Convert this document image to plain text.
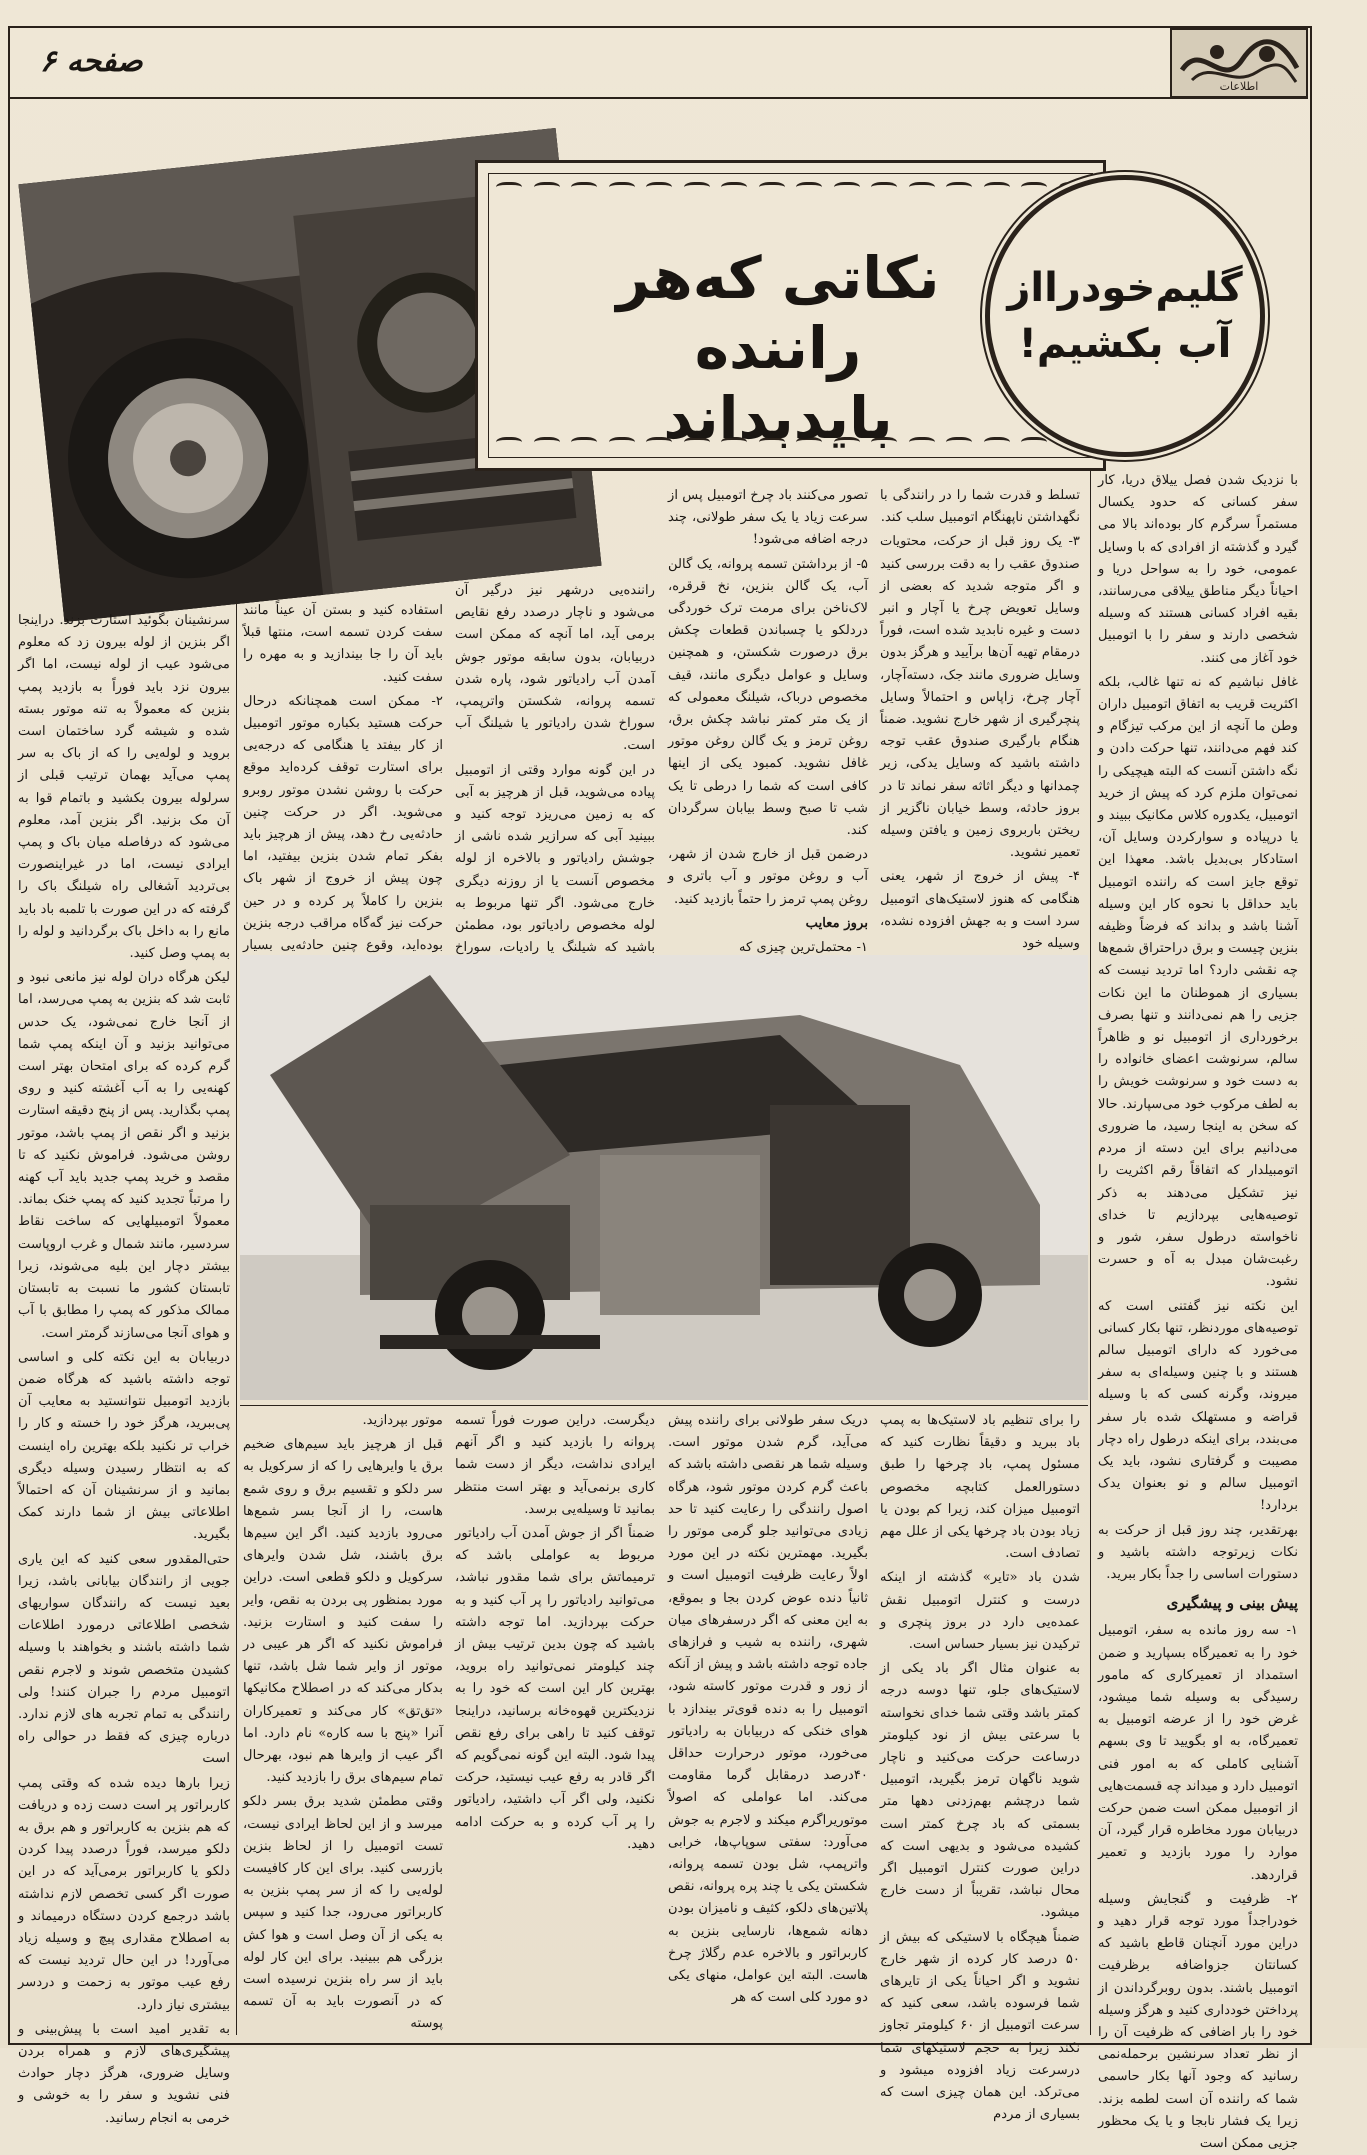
اطلاعات
صفحه ۶
نکاتی که‌هر راننده
بایدبداند
گلیم‌خودرااز
آب بکشیم!

با نزدیک شدن فصل ییلاق دریا، کار سفر کسانی که حدود یکسال مستمراً سرگرم کار بوده‌اند بالا می گیرد و گذشته از افرادی که با وسایل عمومی، خود را به سواحل دریا و احیاناً دیگر مناطق ییلاقی می‌رسانند، بقیه افراد کسانی هستند که وسیله شخصی دارند و سفر را با اتومبیل خود آغاز می کنند.

غافل نباشیم که نه تنها غالب، بلکه اکثریت قریب به اتفاق اتومبیل داران وطن ما آنچه از این مرکب تیزگام و کند فهم می‌دانند، تنها حرکت دادن و نگه داشتن آنست که البته هیچیکی را نمی‌توان ملزم کرد که پیش از خرید اتومبیل، یکدوره کلاس مکانیک ببیند و یا درپیاده و سوارکردن وسایل آن، استادکار بی‌بدیل باشد. معهذا این توقع جایز است که راننده اتومبیل باید حداقل با نحوه کار این وسیله آشنا باشد و بداند که فرضاً وظیفه بنزین چیست و برق دراحتراق شمع‌ها چه نقشی دارد؟ اما تردید نیست که بسیاری از هموطنان ما این نکات جزیی را هم نمی‌دانند و تنها بصرف برخورداری از اتومبیل نو و ظاهراً سالم، سرنوشت اعضای خانواده را به دست خود و سرنوشت خویش را به لطف مرکوب خود می‌سپارند. حالا که سخن به اینجا رسید، ما ضروری می‌دانیم برای این دسته از مردم اتومبیلدار که اتفاقاً رقم اکثریت را نیز تشکیل می‌دهند به ذکر توصیه‌هایی بپردازیم تا خدای ناخواسته درطول سفر، شور و رغبت‌شان مبدل به آه و حسرت نشود.

این نکته نیز گفتنی است که توصیه‌های موردنظر، تنها بکار کسانی می‌خورد که دارای اتومبیل سالم هستند و با چنین وسیله‌ای به سفر میروند، وگرنه کسی که با وسیله قراضه و مستهلک شده بار سفر می‌بندد، برای اینکه درطول راه دچار مصیبت و گرفتاری نشود، باید یک اتومبیل سالم و نو بعنوان یدک بردارد!

بهرتقدیر، چند روز قبل از حرکت به نکات زیرتوجه داشته باشید و دستورات اساسی را جداً بکار ببرید.

پیش بینی و پیشگیری

۱- سه روز مانده به سفر، اتومبیل خود را به تعمیرگاه بسپارید و ضمن استمداد از تعمیرکاری که مامور رسیدگی به وسیله شما میشود، غرض خود را از عرضه اتومبیل به تعمیرگاه، به او بگویید تا وی بسهم آشنایی کاملی که به امور فنی اتومبیل دارد و میداند چه قسمت‌هایی از اتومبیل ممکن است ضمن حرکت دربیابان مورد مخاطره قرار گیرد، آن موارد را مورد بازدید و تعمیر قراردهد.

۲- ظرفیت و گنجایش وسیله خودراجداً مورد توجه قرار دهید و دراین مورد آنچنان قاطع باشید که کسانتان جزواضافه برظرفیت اتومبیل باشند. بدون روبرگرداندن از پرداختن خودداری کنید و هرگز وسیله خود را بار اضافی که ظرفیت آن را از نظر تعداد سرنشین برحمله‌نمی رسانید که وجود آنها بکار حاسمی شما که راننده آن است لطمه بزند. زیرا یک فشار نابجا و یا یک محظور جزیی ممکن است

تسلط و قدرت شما را در رانندگی با نگهداشتن ناپهنگام اتومبیل سلب کند.

۳- یک روز قبل از حرکت، محتویات صندوق عقب را به دقت بررسی کنید و اگر متوجه شدید که بعضی از وسایل تعویض چرخ یا آچار و انبر دست و غیره نابدید شده است، فوراً درمقام تهیه آن‌ها برآیید و هرگز بدون وسایل ضروری مانند جک، دسته‌آچار، آچار چرخ، زاپاس و احتمالاً وسایل پنچرگیری از شهر خارج نشوید. ضمناً هنگام بارگیری صندوق عقب توجه داشته باشید که وسایل یدکی، زیر چمدانها و دیگر اثاثه سفر نماند تا در بروز حادثه، وسط خیابان ناگزیر از ریختن باربروی زمین و یافتن وسیله تعمیر نشوید.

۴- پیش از خروج از شهر، یعنی هنگامی که هنوز لاستیک‌های اتومبیل سرد است و به جهش افزوده نشده، وسیله خود

تصور می‌کنند باد چرخ اتومبیل پس از سرعت زیاد یا یک سفر طولانی، چند درجه اضافه می‌شود!

۵- از برداشتن تسمه پروانه، یک گالن آب، یک گالن بنزین، نخ قرقره، لاک‌ناخن برای مرمت ترک خوردگی دردلکو یا چسباندن قطعات چکش برق درصورت شکستن، و همچنین وسایل و عوامل دیگری مانند، قیف مخصوص درباک، شیلنگ معمولی که از یک متر کمتر نباشد چکش برق، روغن ترمز و یک گالن روغن موتور غافل نشوید. کمبود یکی از اینها کافی است که شما را درطی تا یک شب تا صبح وسط بیابان سرگردان کند.

درضمن قبل از خارج شدن از شهر، آب و روغن موتور و آب باتری و روغن پمپ ترمز را حتماً بازدید کنید.

بروز معایب

۱- محتمل‌ترین چیزی که

راننده‌یی درشهر نیز درگیر آن می‌شود و ناچار درصدد رفع نقایص برمی آید، اما آنچه که ممکن است دربیابان، بدون سابقه موتور جوش آمدن آب رادیاتور شود، پاره شدن تسمه پروانه، شکستن واترپمپ، سوراخ شدن رادیاتور یا شیلنگ آب است.

در این گونه موارد وقتی از اتومبیل پیاده می‌شوید، قبل از هرچیز به آبی که به زمین می‌ریزد توجه کنید و ببینید آبی که سرازیر شده ناشی از جوشش رادیاتور و بالاخره از لوله مخصوص آنست یا از روزنه دیگری خارج می‌شود. اگر تنها مربوط به لوله مخصوص رادیاتور بود، مطمئن باشید که شیلنگ یا رادیات، سوراخ

استفاده کنید و بستن آن عیناً مانند سفت کردن تسمه است، منتها قبلاً باید آن را جا بیندازید و به مهره را سفت کنید.

۲- ممکن است همچنانکه درحال حرکت هستید بکباره موتور اتومبیل از کار بیفتد یا هنگامی که درجه‌یی برای استارت توقف کرده‌اید موقع حرکت با روشن نشدن موتور روبرو می‌شوید. اگر در حرکت چنین حادثه‌یی رخ دهد، پیش از هرچیز باید بفکر تمام شدن بنزین بیفتید، اما چون پیش از خروج از شهر باک بنزین را کاملاً پر کرده و در حین حرکت نیز گه‌گاه مراقب درجه بنزین بوده‌اید، وقوع چنین حادثه‌یی بسیار

سرنشینان بگوئید استارت بزند. دراینجا اگر بنزین از لوله بیرون زد که معلوم می‌شود عیب از لوله نیست، اما اگر بیرون نزد باید فوراً به بازدید پمپ بنزین که معمولاً به تنه موتور بسته شده و شیشه گرد ساختمان است بروید و لوله‌یی را که از باک به سر پمپ می‌آید بهمان ترتیب قبلی از سرلوله بیرون بکشید و باتمام قوا به آن مک بزنید. اگر بنزین آمد، معلوم می‌شود که درفاصله میان باک و پمپ ایرادی نیست، اما در غیراینصورت بی‌تردید آشغالی راه شیلنگ باک را گرفته که در این صورت با تلمبه باد باید مانع را به داخل باک برگردانید و لوله را به پمپ وصل کنید.

لیکن هرگاه دران لوله نیز مانعی نبود و ثابت شد که بنزین به پمپ می‌رسد، اما از آنجا خارج نمی‌شود، یک حدس می‌توانید بزنید و آن اینکه پمپ شما گرم کرده که برای امتحان بهتر است کهنه‌یی را به آب آغشته کنید و روی پمپ بگذارید. پس از پنج دقیقه استارت بزنید و اگر نقص از پمپ باشد، موتور روشن می‌شود. فراموش نکنید که تا مقصد و خرید پمپ جدید باید آب کهنه را مرتباً تجدید کنید که پمپ خنک بماند. معمولاً اتومبیلهایی که ساخت نقاط سردسیر، مانند شمال و غرب اروپاست بیشتر دچار این بلیه می‌شوند، زیرا تابستان کشور ما نسبت به تابستان ممالک مذکور که پمپ را مطابق با آب و هوای آنجا می‌سازند گرمتر است.

دربیابان به این نکته کلی و اساسی توجه داشته باشید که هرگاه ضمن بازدید اتومبیل نتوانستید به معایب آن پی‌ببرید، هرگز خود را خسته و کار را خراب تر نکنید بلکه بهترین راه اینست که به انتظار رسیدن وسیله دیگری بمانید و از سرنشینان آن که احتمالاً اطلاعاتی بیش از شما دارند کمک بگیرید.

حتی‌المقدور سعی کنید که این یاری جویی از رانندگان بیابانی باشد، زیرا بعید نیست که رانندگان سواریهای شخصی اطلاعاتی درمورد اطلاعات شما داشته باشند و بخواهند با وسیله کشیدن متخصص شوند و لاجرم نقص اتومبیل مردم را جبران کنند! ولی رانندگی به تمام تجربه های لازم ندارد. درباره چیزی که فقط در حوالی راه است

زیرا بارها دیده شده که وقتی پمپ کاربراتور پر است دست زده و دریافت که هم بنزین به کاربراتور و هم برق به دلکو میرسد، فوراً درصدد پیدا کردن دلکو یا کاربراتور برمی‌آید که در این صورت اگر کسی تخصص لازم نداشته باشد درجمع کردن دستگاه درمیماند و به اصطلاح مقداری پیچ و وسیله زیاد می‌آورد! در این حال تردید نیست که رفع عیب موتور به زحمت و دردسر بیشتری نیاز دارد.

به تقدیر امید است با پیش‌بینی و پیشگیری‌های لازم و همراه بردن وسایل ضروری، هرگز دچار حوادث فنی نشوید و سفر را به خوشی و خرمی به انجام رسانید.

را برای تنظیم باد لاستیک‌ها به پمپ باد ببرید و دقیقاً نظارت کنید که مسئول پمپ، باد چرخها را طبق دستورالعمل کتابچه مخصوص اتومبیل میزان کند، زیرا کم بودن یا زیاد بودن باد چرخها یکی از علل مهم تصادف است.

شدن باد «تایر» گذشته از اینکه درست و کنترل اتومبیل نقش عمده‌یی دارد در بروز پنچری و ترکیدن نیز بسیار حساس است.

به عنوان مثال اگر باد یکی از لاستیک‌های جلو، تنها دوسه درجه کمتر باشد وقتی شما خدای نخواسته با سرعتی بیش از نود کیلومتر درساعت حرکت می‌کنید و ناچار شوید ناگهان ترمز بگیرید، اتومبیل شما درچشم بهم‌زدنی دهها متر بسمتی که باد چرخ کمتر است کشیده می‌شود و بدیهی است که دراین صورت کنترل اتومبیل اگر محال نباشد، تقریباً از دست خارج میشود.

ضمناً هیچگاه با لاستیکی که بیش از ۵۰ درصد کار کرده از شهر خارج نشوید و اگر احیاناً یکی از تایرهای شما فرسوده باشد، سعی کنید که سرعت اتومبیل از ۶۰ کیلومتر تجاوز نکند زیرا به حجم لاستیکهای شما درسرعت زیاد افزوده میشود و می‌ترکد. این همان چیزی است که بسیاری از مردم

دریک سفر طولانی برای راننده پیش می‌آید، گرم شدن موتور است. وسیله شما هر نقصی داشته باشد که باعث گرم کردن موتور شود، هرگاه اصول رانندگی را رعایت کنید تا حد زیادی می‌توانید جلو گرمی موتور را بگیرید. مهمترین نکته در این مورد اولاً رعایت ظرفیت اتومبیل است و ثانیاً دنده عوض کردن بجا و بموقع، به این معنی که اگر درسفرهای میان شهری، راننده به شیب و فرازهای جاده توجه داشته باشد و پیش از آنکه از زور و قدرت موتور کاسته شود، اتومبیل را به دنده قوی‌تر بیندازد با هوای خنکی که دربیابان به رادیاتور می‌خورد، موتور درحرارت حداقل ۴۰درصد درمقابل گرما مقاومت می‌کند. اما عواملی که اصولاً موتوریراگرم میکند و لاجرم به جوش می‌آورد: سفتی سوپاپ‌ها، خرابی واترپمپ، شل بودن تسمه پروانه، شکستن یکی یا چند پره پروانه، نقص پلاتین‌های دلکو، کثیف و نامیزان بودن دهانه شمع‌ها، نارسایی بنزین به کاربراتور و بالاخره عدم رگلاژ چرخ هاست. البته این عوامل، منهای یکی دو مورد کلی است که هر

دیگرست. دراین صورت فوراً تسمه پروانه را بازدید کنید و اگر آنهم ایرادی نداشت، دیگر از دست شما کاری برنمی‌آید و بهتر است منتظر بمانید تا وسیله‌یی برسد.

ضمناً اگر از جوش آمدن آب رادیاتور مربوط به عواملی باشد که ترمیماتش برای شما مقدور نباشد، می‌توانید رادیاتور را پر آب کنید و به حرکت بپردازید. اما توجه داشته باشید که چون بدین ترتیب بیش از چند کیلومتر نمی‌توانید راه بروید، بهترین کار این است که خود را به نزدیکترین قهوه‌خانه برسانید، دراینجا توقف کنید تا راهی برای رفع نقص پیدا شود. البته این گونه نمی‌گویم که اگر قادر به رفع عیب نیستید، حرکت نکنید، ولی اگر آب داشتید، رادیاتور را پر آب کرده و به حرکت ادامه دهید.

موتور بپردازید.

قبل از هرچیز باید سیم‌های ضخیم برق یا وایرهایی را که از سرکویل به سر دلکو و تقسیم برق و روی شمع هاست، را از آنجا بسر شمع‌ها می‌رود بازدید کنید. اگر این سیم‌ها برق باشند، شل شدن وایرهای سرکویل و دلکو قطعی است. دراین مورد بمنظور پی بردن به نقص، وایر را سفت کنید و استارت بزنید. فراموش نکنید که اگر هر عیبی در موتور از وایر شما شل باشد، تنها بدکار می‌کند که در اصطلاح مکانیکها «تق‌تق» کار می‌کند و تعمیرکاران آنرا «پنج با سه کاره» نام دارد. اما اگر عیب از وایرها هم نبود، بهرحال تمام سیم‌های برق را بازدید کنید.

وقتی مطمئن شدید برق بسر دلکو میرسد و از این لحاظ ایرادی نیست، تست اتومبیل را از لحاظ بنزین بازرسی کنید. برای این کار کافیست لوله‌یی را که از سر پمپ بنزین به کاربراتور می‌رود، جدا کنید و سپس به یکی از آن وصل است و هوا کش بزرگی هم ببینید. برای این کار لوله باید از سر راه بنزین نرسیده است که در آنصورت باید به آن تسمه پوسته
